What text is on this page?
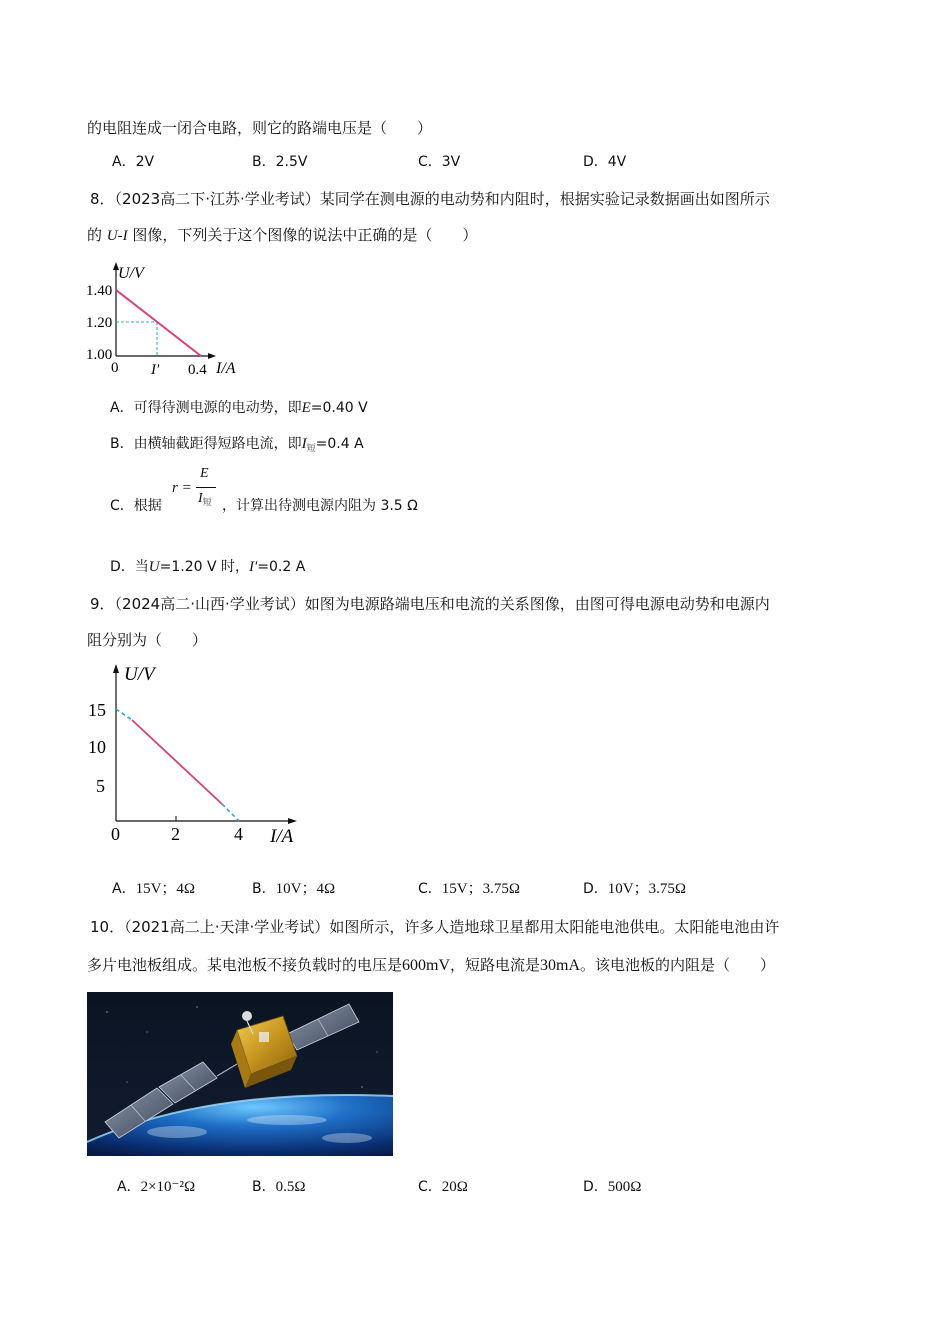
的电阻连成一闭合电路，则它的路端电压是（　　）
A．2V	B．2.5V	C．3V	D．4V
8．（2023高二下·江苏·学业考试）某同学在测电源的电动势和内阻时，根据实验记录数据画出如图所示
的 U-I 图像，下列关于这个图像的说法中正确的是（　　）
U/V
1.40
1.20
1.00
0 I′ 0.4 I/A
A．可得待测电源的电动势，即E=0.40 V
B．由横轴截距得短路电流，即$I_短=0.4$ A
C．根据
r =
E
$I_短$ ，计算出待测电源内阻为 3.5 Ω
D．当U=1.20 V 时，I′=0.2 A
9．（2024高二·山西·学业考试）如图为电源路端电压和电流的关系图像，由图可得电源电动势和电源内
阻分别为（　　）
U/V
15
10
5
0	2	4 I/A
A．15V；4Ω	B．10V；4Ω	C．15V；3.75Ω	D．10V；3.75Ω
10．（2021高二上·天津·学业考试）如图所示，许多人造地球卫星都用太阳能电池供电。太阳能电池由许
多片电池板组成。某电池板不接负载时的电压是600mV，短路电流是30mA。该电池板的内阻是（　　）
A．2×10⁻²Ω	B．0.5Ω	C．20Ω	D．500Ω
